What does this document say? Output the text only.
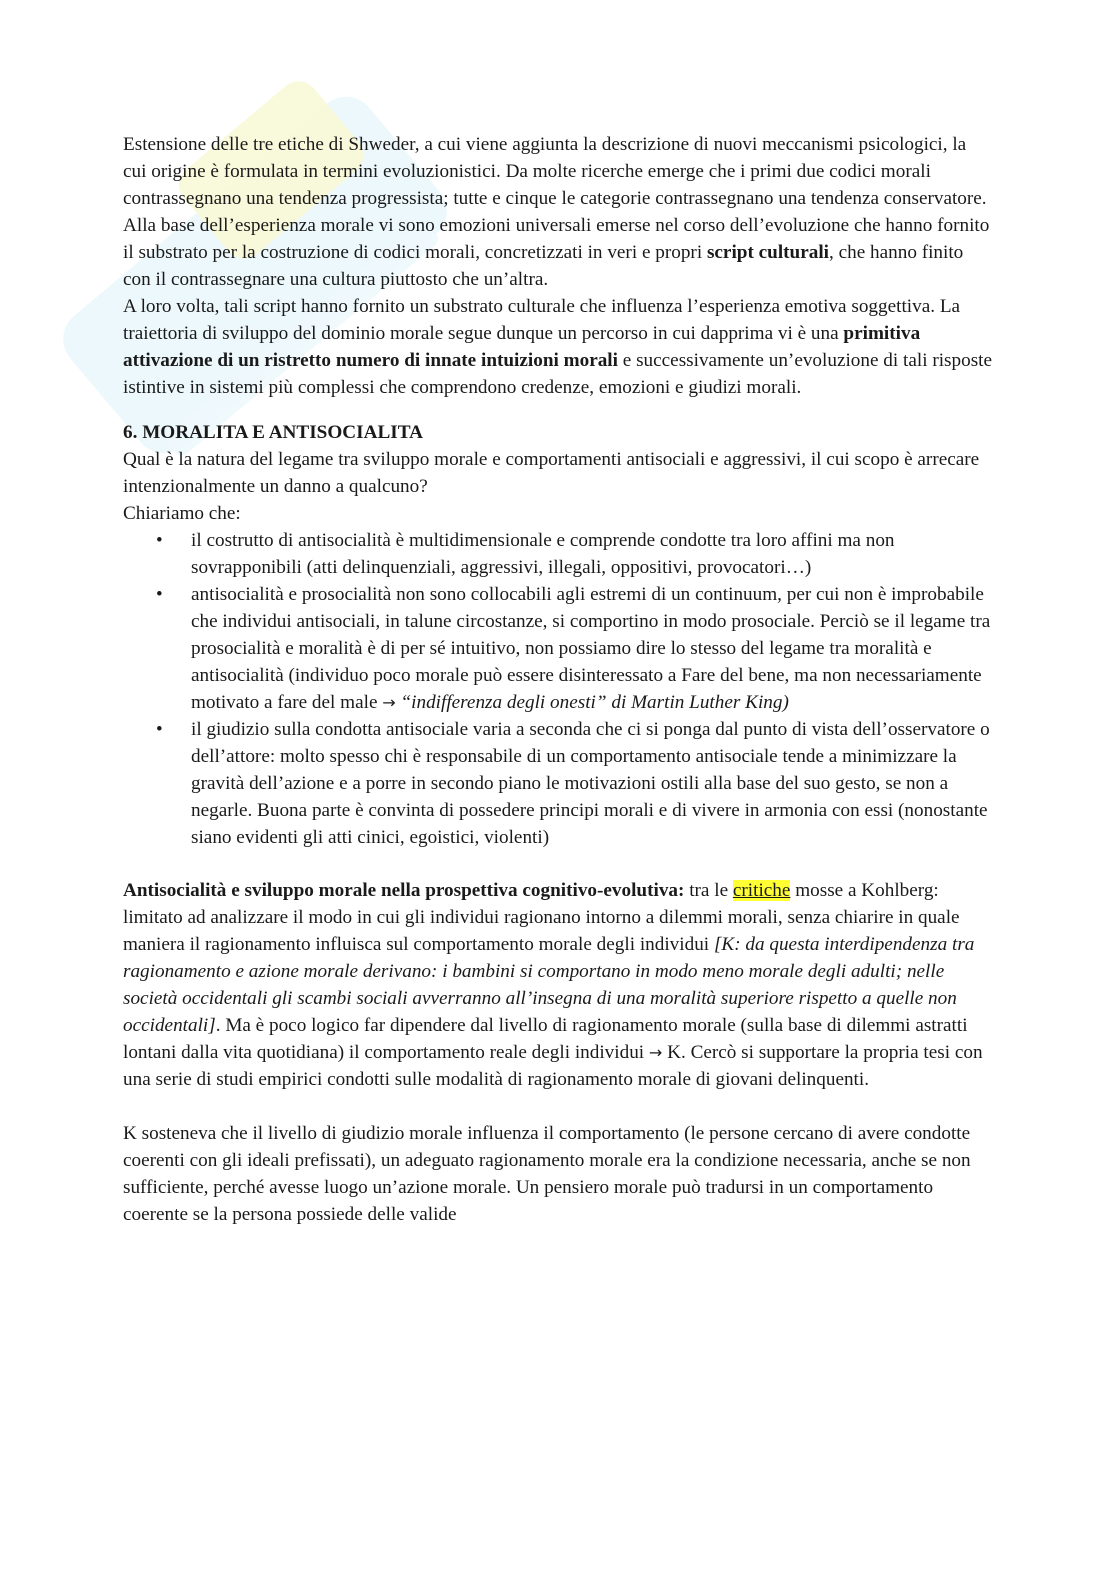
Estensione delle tre etiche di Shweder, a cui viene aggiunta la descrizione di nuovi meccanismi psicologici, la cui origine è formulata in termini evoluzionistici. Da molte ricerche emerge che i primi due codici morali contrassegnano una tendenza progressista; tutte e cinque le categorie contrassegnano una tendenza conservatore.

Alla base dell’esperienza morale vi sono emozioni universali emerse nel corso dell’evoluzione che hanno fornito il substrato per la costruzione di codici morali, concretizzati in veri e propri script culturali, che hanno finito con il contrassegnare una cultura piuttosto che un’altra.

A loro volta, tali script hanno fornito un substrato culturale che influenza l’esperienza emotiva soggettiva. La traiettoria di sviluppo del dominio morale segue dunque un percorso in cui dapprima vi è una primitiva attivazione di un ristretto numero di innate intuizioni morali e successivamente un’evoluzione di tali risposte istintive in sistemi più complessi che comprendono credenze, emozioni e giudizi morali.

6. MORALITA E ANTISOCIALITA

Qual è la natura del legame tra sviluppo morale e comportamenti antisociali e aggressivi, il cui scopo è arrecare intenzionalmente un danno a qualcuno?

Chiariamo che:

• il costrutto di antisocialità è multidimensionale e comprende condotte tra loro affini ma non sovrapponibili (atti delinquenziali, aggressivi, illegali, oppositivi, provocatori…)
• antisocialità e prosocialità non sono collocabili agli estremi di un continuum, per cui non è improbabile che individui antisociali, in talune circostanze, si comportino in modo prosociale. Perciò se il legame tra prosocialità e moralità è di per sé intuitivo, non possiamo dire lo stesso del legame tra moralità e antisocialità (individuo poco morale può essere disinteressato a Fare del bene, ma non necessariamente motivato a fare del male → “indifferenza degli onesti” di Martin Luther King)
• il giudizio sulla condotta antisociale varia a seconda che ci si ponga dal punto di vista dell’osservatore o dell’attore: molto spesso chi è responsabile di un comportamento antisociale tende a minimizzare la gravità dell’azione e a porre in secondo piano le motivazioni ostili alla base del suo gesto, se non a negarle. Buona parte è convinta di possedere principi morali e di vivere in armonia con essi (nonostante siano evidenti gli atti cinici, egoistici, violenti)

Antisocialità e sviluppo morale nella prospettiva cognitivo-evolutiva: tra le critiche mosse a Kohlberg: limitato ad analizzare il modo in cui gli individui ragionano intorno a dilemmi morali, senza chiarire in quale maniera il ragionamento influisca sul comportamento morale degli individui [K: da questa interdipendenza tra ragionamento e azione morale derivano: i bambini si comportano in modo meno morale degli adulti; nelle società occidentali gli scambi sociali avverranno all’insegna di una moralità superiore rispetto a quelle non occidentali]. Ma è poco logico far dipendere dal livello di ragionamento morale (sulla base di dilemmi astratti lontani dalla vita quotidiana) il comportamento reale degli individui → K. Cercò si supportare la propria tesi con una serie di studi empirici condotti sulle modalità di ragionamento morale di giovani delinquenti.

K sosteneva che il livello di giudizio morale influenza il comportamento (le persone cercano di avere condotte coerenti con gli ideali prefissati), un adeguato ragionamento morale era la condizione necessaria, anche se non sufficiente, perché avesse luogo un’azione morale. Un pensiero morale può tradursi in un comportamento coerente se la persona possiede delle valide
